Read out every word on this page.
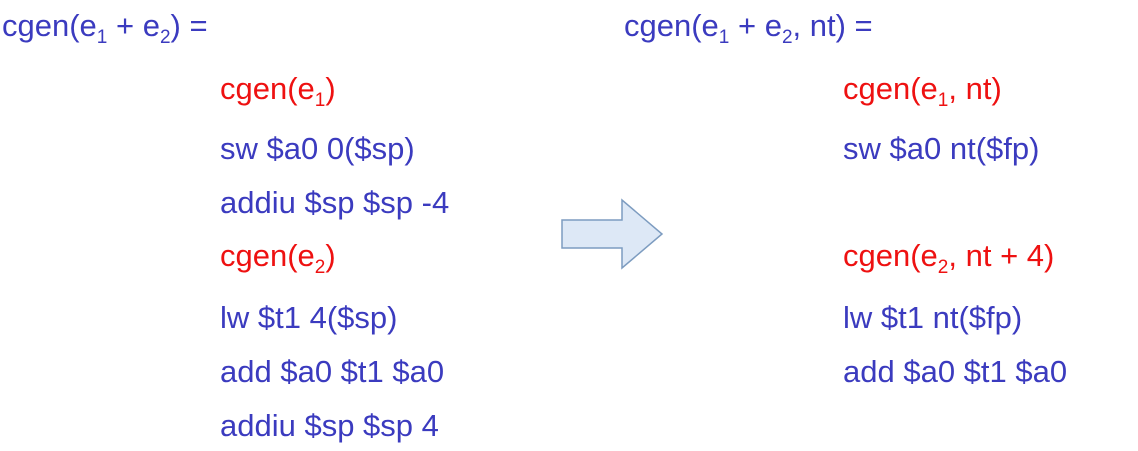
$cgen(e_1 + e_2)$ =
$cgen(e_1)$
sw $a0 0($sp)
addiu $sp $sp -4
$cgen(e_2)$
lw $t1 4($sp)
add $a0 $t1 $a0
addiu $sp $sp 4
$cgen(e_1 + e_2$, nt) =
$cgen(e_1$, nt)
sw $a0 nt($fp)
$cgen(e_2$, nt + 4)
lw $t1 nt($fp)
add $a0 $t1 $a0
